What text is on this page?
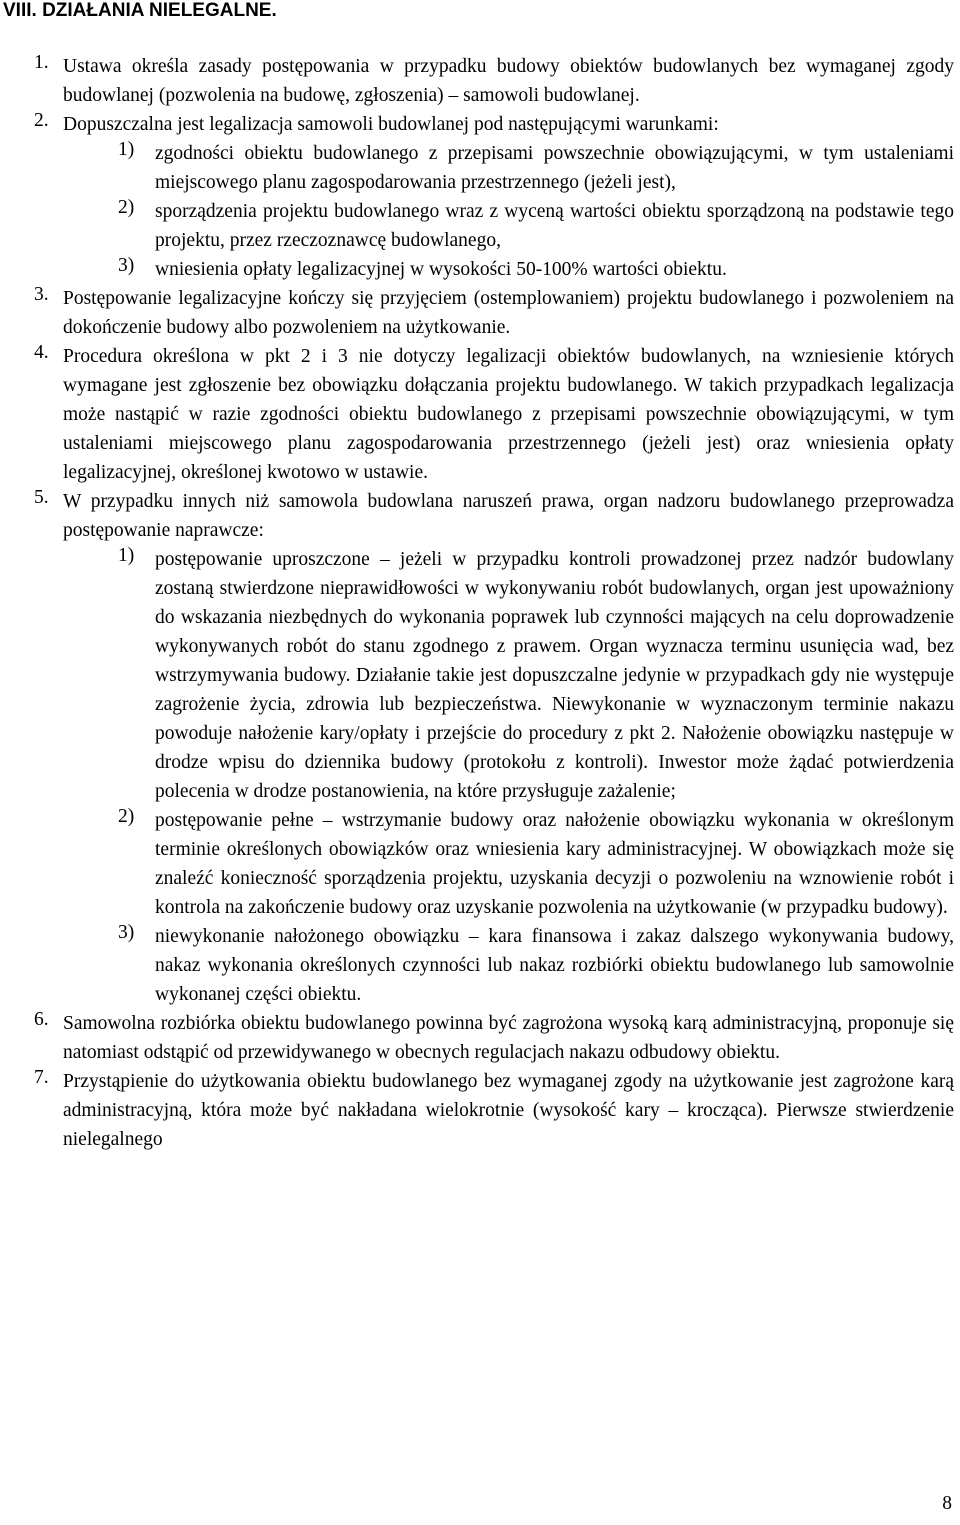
VIII. DZIAŁANIA NIELEGALNE.
1. Ustawa określa zasady postępowania w przypadku budowy obiektów budowlanych bez wymaganej zgody budowlanej (pozwolenia na budowę, zgłoszenia) – samowoli budowlanej.

2. Dopuszczalna jest legalizacja samowoli budowlanej pod następującymi warunkami:

1) zgodności obiektu budowlanego z przepisami powszechnie obowiązującymi, w tym ustaleniami miejscowego planu zagospodarowania przestrzennego (jeżeli jest),

2) sporządzenia projektu budowlanego wraz z wyceną wartości obiektu sporządzoną na podstawie tego projektu, przez rzeczoznawcę budowlanego,

3) wniesienia opłaty legalizacyjnej w wysokości 50-100% wartości obiektu.

3. Postępowanie legalizacyjne kończy się przyjęciem (ostemplowaniem) projektu budowlanego i pozwoleniem na dokończenie budowy albo pozwoleniem na użytkowanie.

4. Procedura określona w pkt 2 i 3 nie dotyczy legalizacji obiektów budowlanych, na wzniesienie których wymagane jest zgłoszenie bez obowiązku dołączania projektu budowlanego. W takich przypadkach legalizacja może nastąpić w razie zgodności obiektu budowlanego z przepisami powszechnie obowiązującymi, w tym ustaleniami miejscowego planu zagospodarowania przestrzennego (jeżeli jest) oraz wniesienia opłaty legalizacyjnej, określonej kwotowo w ustawie.

5. W przypadku innych niż samowola budowlana naruszeń prawa, organ nadzoru budowlanego przeprowadza postępowanie naprawcze:

1) postępowanie uproszczone – jeżeli w przypadku kontroli prowadzonej przez nadzór budowlany zostaną stwierdzone nieprawidłowości w wykonywaniu robót budowlanych, organ jest upoważniony do wskazania niezbędnych do wykonania poprawek lub czynności mających na celu doprowadzenie wykonywanych robót do stanu zgodnego z prawem. Organ wyznacza terminu usunięcia wad, bez wstrzymywania budowy. Działanie takie jest dopuszczalne jedynie w przypadkach gdy nie występuje zagrożenie życia, zdrowia lub bezpieczeństwa. Niewykonanie w wyznaczonym terminie nakazu powoduje nałożenie kary/opłaty i przejście do procedury z pkt 2. Nałożenie obowiązku następuje w drodze wpisu do dziennika budowy (protokołu z kontroli). Inwestor może żądać potwierdzenia polecenia w drodze postanowienia, na które przysługuje zażalenie;

2) postępowanie pełne – wstrzymanie budowy oraz nałożenie obowiązku wykonania w określonym terminie określonych obowiązków oraz wniesienia kary administracyjnej. W obowiązkach może się znaleźć konieczność sporządzenia projektu, uzyskania decyzji o pozwoleniu na wznowienie robót i kontrola na zakończenie budowy oraz uzyskanie pozwolenia na użytkowanie (w przypadku budowy).

3) niewykonanie nałożonego obowiązku – kara finansowa i zakaz dalszego wykonywania budowy, nakaz wykonania określonych czynności lub nakaz rozbiórki obiektu budowlanego lub samowolnie wykonanej części obiektu.

6. Samowolna rozbiórka obiektu budowlanego powinna być zagrożona wysoką karą administracyjną, proponuje się natomiast odstąpić od przewidywanego w obecnych regulacjach nakazu odbudowy obiektu.

7. Przystąpienie do użytkowania obiektu budowlanego bez wymaganej zgody na użytkowanie jest zagrożone karą administracyjną, która może być nakładana wielokrotnie (wysokość kary – krocząca). Pierwsze stwierdzenie nielegalnego

8
